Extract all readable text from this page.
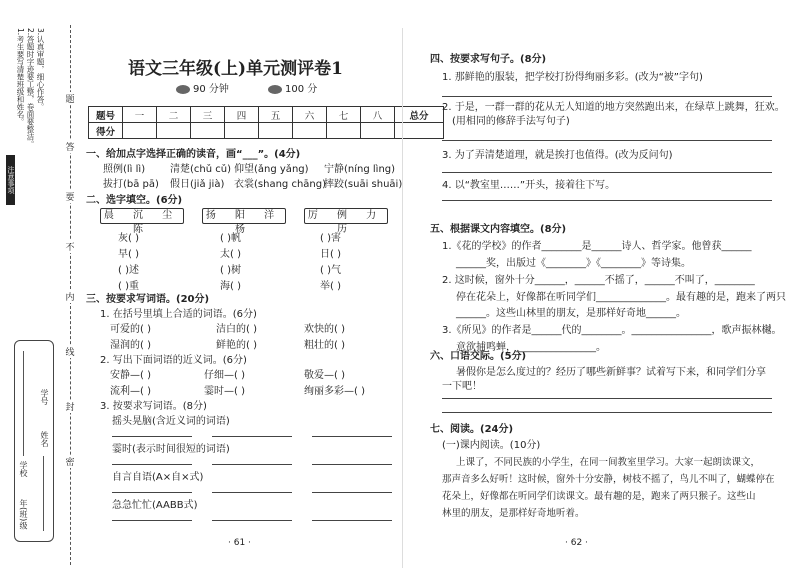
1.考生要写清楚班级和姓名。 2.答题时字迹要工整，卷面要整洁。 3.认真审题，细心作答。
注意事项
题
答
要
不
内
线
封
密
学校
年(班)级
学号
姓名
语文三年级(上)单元测评卷1
90 分钟	100 分
题号	一	二	三	四	五	六	七	八	总分
得分									
一、给加点字选择正确的读音，画“___”。(4分)
照例(lì lì) 清楚(chǔ cǔ) 仰望(ǎng yǎng) 宁静(níng lìng)
拔打(bā pā) 假日(jiǎ jià) 衣裳(shang chāng)
摔跤(suāi shuāi)
二、选字填空。(6分)
晨 沉 尘 陈
扬 阳 洋 杨
厉 例 力 历
灰( )	( )帆	( )害
早( )	太( )	日( )
( )述	( )树	( )气
( )重	海( )	举( )
三、按要求写词语。(20分)
1. 在括号里填上合适的词语。(6分)
可爱的( )	洁白的( )	欢快的( )
湿润的( )	鲜艳的( )	粗壮的( )
2. 写出下面词语的近义词。(6分)
安静—( )	仔细—( )	敬爱—( )
流利—( )	霎时—( )	绚丽多彩—( )
3. 按要求写词语。(8分)
摇头晃脑(含近义词的词语)
霎时(表示时间很短的词语)
自言自语(A×自×式)
急急忙忙(AABB式)
· 61 ·
四、按要求写句子。(8分)
1. 那鲜艳的服装，把学校打扮得绚丽多彩。(改为“被”字句)
2. 于是，一群一群的花从无人知道的地方突然跑出来，在绿草上跳舞，狂欢。
(用相同的修辞手法写句子)
3. 为了弄清楚道理，就是挨打也值得。(改为反问句)
4. 以“教室里……”开头，接着往下写。
五、根据课文内容填空。(8分)
1.《花的学校》的作者________是______诗人、哲学家。他曾获______
______奖，出版过《________》《________》等诗集。
2. 这时候，窗外十分______，______不摇了，______不叫了，________
停在花朵上，好像都在听同学们______________。最有趣的是，跑来了两只
______。这些山林里的朋友，是那样好奇地______。
3.《所见》的作者是______代的________。________________，歌声振林樾。
意欲捕鸣蝉，________________。
六、口语交际。(5分)
暑假你是怎么度过的？经历了哪些新鲜事？试着写下来，和同学们分享
一下吧！
七、阅读。(24分)
(一)课内阅读。(10分)
上课了，不同民族的小学生，在同一间教室里学习。大家一起朗读课文，
那声音多么好听！这时候，窗外十分安静，树枝不摇了，鸟儿不叫了，蝴蝶停在
花朵上，好像都在听同学们读课文。最有趣的是，跑来了两只猴子。这些山
林里的朋友，是那样好奇地听着。
· 62 ·
